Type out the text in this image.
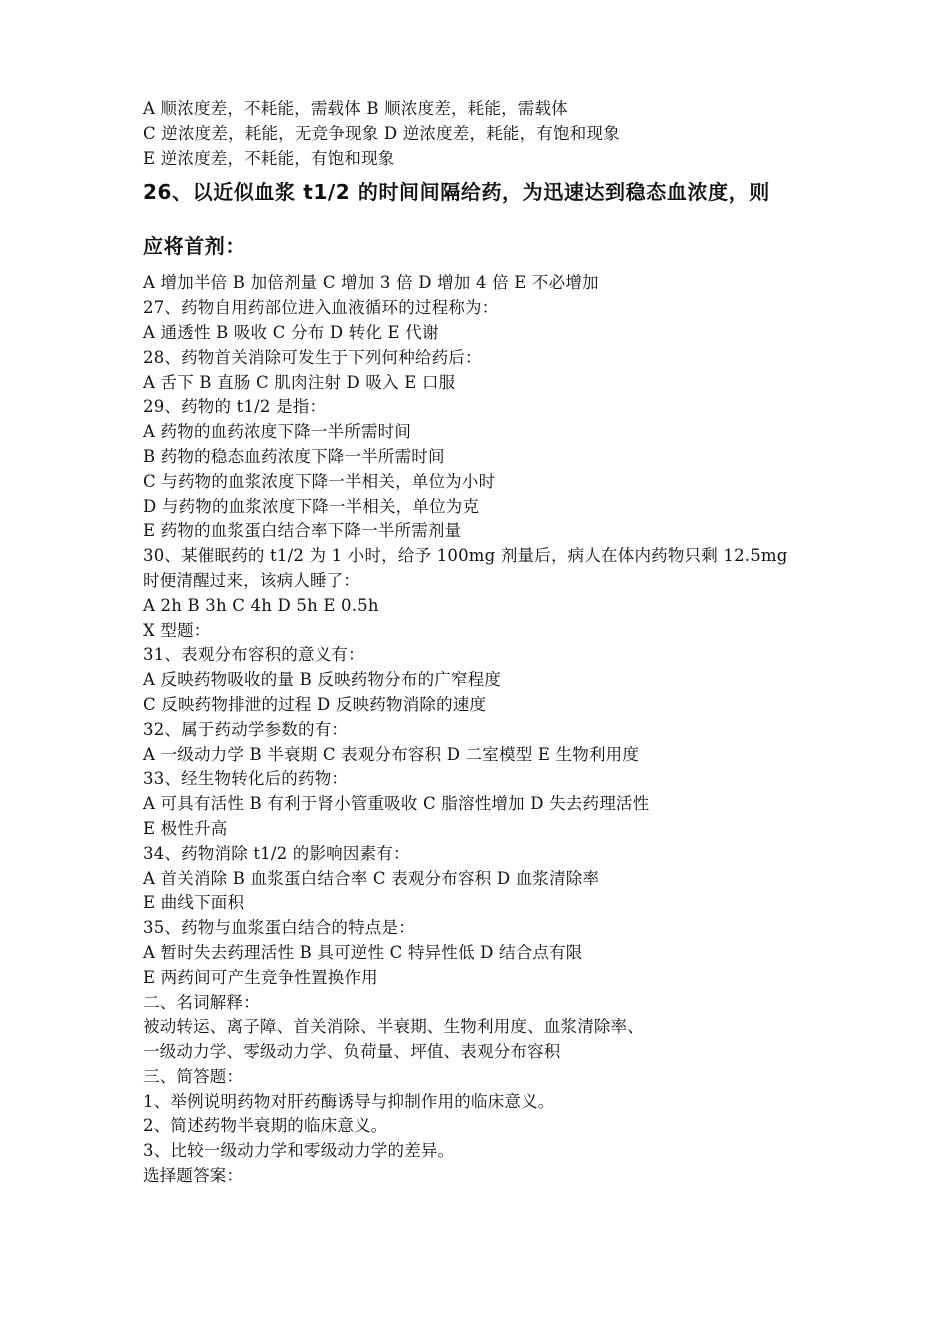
A 顺浓度差，不耗能，需载体 B 顺浓度差，耗能，需载体
C 逆浓度差，耗能，无竞争现象 D 逆浓度差，耗能，有饱和现象
E 逆浓度差，不耗能，有饱和现象
26、以近似血浆 t1/2 的时间间隔给药，为迅速达到稳态血浓度，则
应将首剂：
A 增加半倍 B 加倍剂量 C 增加 3 倍 D 增加 4 倍 E 不必增加
27、药物自用药部位进入血液循环的过程称为：
A 通透性 B 吸收 C 分布 D 转化 E 代谢
28、药物首关消除可发生于下列何种给药后：
A 舌下 B 直肠 C 肌肉注射 D 吸入 E 口服
29、药物的 t1/2 是指：
A 药物的血药浓度下降一半所需时间
B 药物的稳态血药浓度下降一半所需时间
C 与药物的血浆浓度下降一半相关，单位为小时
D 与药物的血浆浓度下降一半相关，单位为克
E 药物的血浆蛋白结合率下降一半所需剂量
30、某催眠药的 t1/2 为 1 小时，给予 100mg 剂量后，病人在体内药物只剩 12.5mg
时便清醒过来，该病人睡了：
A 2h B 3h C 4h D 5h E 0.5h
X 型题：
31、表观分布容积的意义有：
A 反映药物吸收的量 B 反映药物分布的广窄程度
C 反映药物排泄的过程 D 反映药物消除的速度
32、属于药动学参数的有：
A 一级动力学 B 半衰期 C 表观分布容积 D 二室模型 E 生物利用度
33、经生物转化后的药物：
A 可具有活性 B 有利于肾小管重吸收 C 脂溶性增加 D 失去药理活性
E 极性升高
34、药物消除 t1/2 的影响因素有：
A 首关消除 B 血浆蛋白结合率 C 表观分布容积 D 血浆清除率
E 曲线下面积
35、药物与血浆蛋白结合的特点是：
A 暂时失去药理活性 B 具可逆性 C 特异性低 D 结合点有限
E 两药间可产生竞争性置换作用
二、名词解释：
被动转运、离子障、首关消除、半衰期、生物利用度、血浆清除率、
一级动力学、零级动力学、负荷量、坪值、表观分布容积
三、简答题：
1、举例说明药物对肝药酶诱导与抑制作用的临床意义。
2、简述药物半衰期的临床意义。
3、比较一级动力学和零级动力学的差异。
选择题答案：
